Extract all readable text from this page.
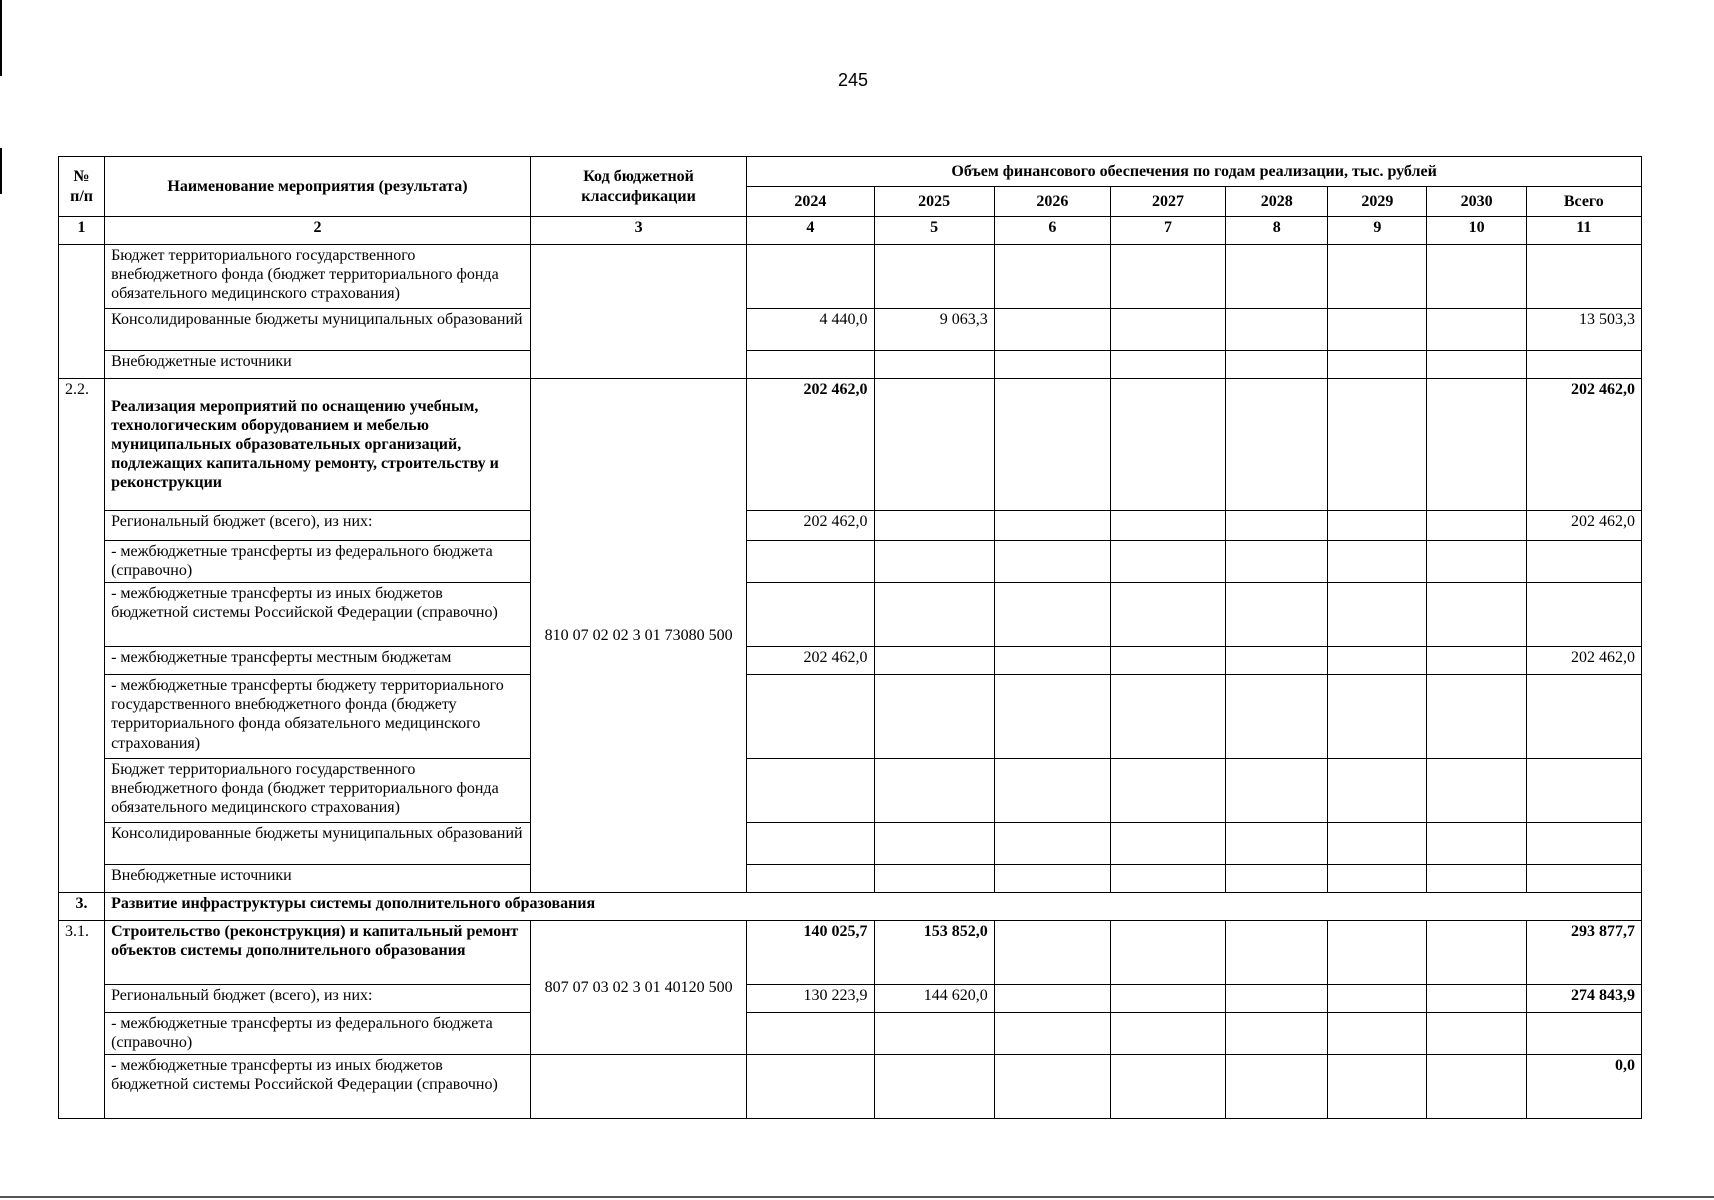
245
№
п/п	Наименование мероприятия (результата)	Код бюджетной классификации	Объем финансового обеспечения по годам реализации, тыс. рублей							
			2024	2025	2026	2027	2028	2029	2030	Всего
1	2	3	4	5	6	7	8	9	10	11
	Бюджет территориального государственного внебюджетного фонда (бюджет территориального фонда обязательного медицинского страхования)									
	Консолидированные бюджеты муниципальных образований		4 440,0	9 063,3						13 503,3
	Внебюджетные источники									
2.2.	Реализация мероприятий по оснащению учебным, технологическим оборудованием и мебелью муниципальных образовательных организаций, подлежащих капитальному ремонту, строительству и реконструкции	810 07 02 02 3 01 73080 500	202 462,0							202 462,0
	Региональный бюджет (всего), из них:		202 462,0							202 462,0
	- межбюджетные трансферты из федерального бюджета (справочно)									
	- межбюджетные трансферты из иных бюджетов бюджетной системы Российской Федерации (справочно)									
	- межбюджетные трансферты местным бюджетам		202 462,0							202 462,0
	- межбюджетные трансферты бюджету территориального государственного внебюджетного фонда (бюджету территориального фонда обязательного медицинского страхования)									
	Бюджет территориального государственного внебюджетного фонда (бюджет территориального фонда обязательного медицинского страхования)									
	Консолидированные бюджеты муниципальных образований									
	Внебюджетные источники									
3.	Развитие инфраструктуры системы дополнительного образования									
3.1.	Строительство (реконструкция) и капитальный ремонт объектов системы дополнительного образования	807 07 03 02 3 01 40120 500	140 025,7	153 852,0						293 877,7
	Региональный бюджет (всего), из них:		130 223,9	144 620,0						274 843,9
	- межбюджетные трансферты из федерального бюджета (справочно)									
	- межбюджетные трансферты из иных бюджетов бюджетной системы Российской Федерации (справочно)									0,0
